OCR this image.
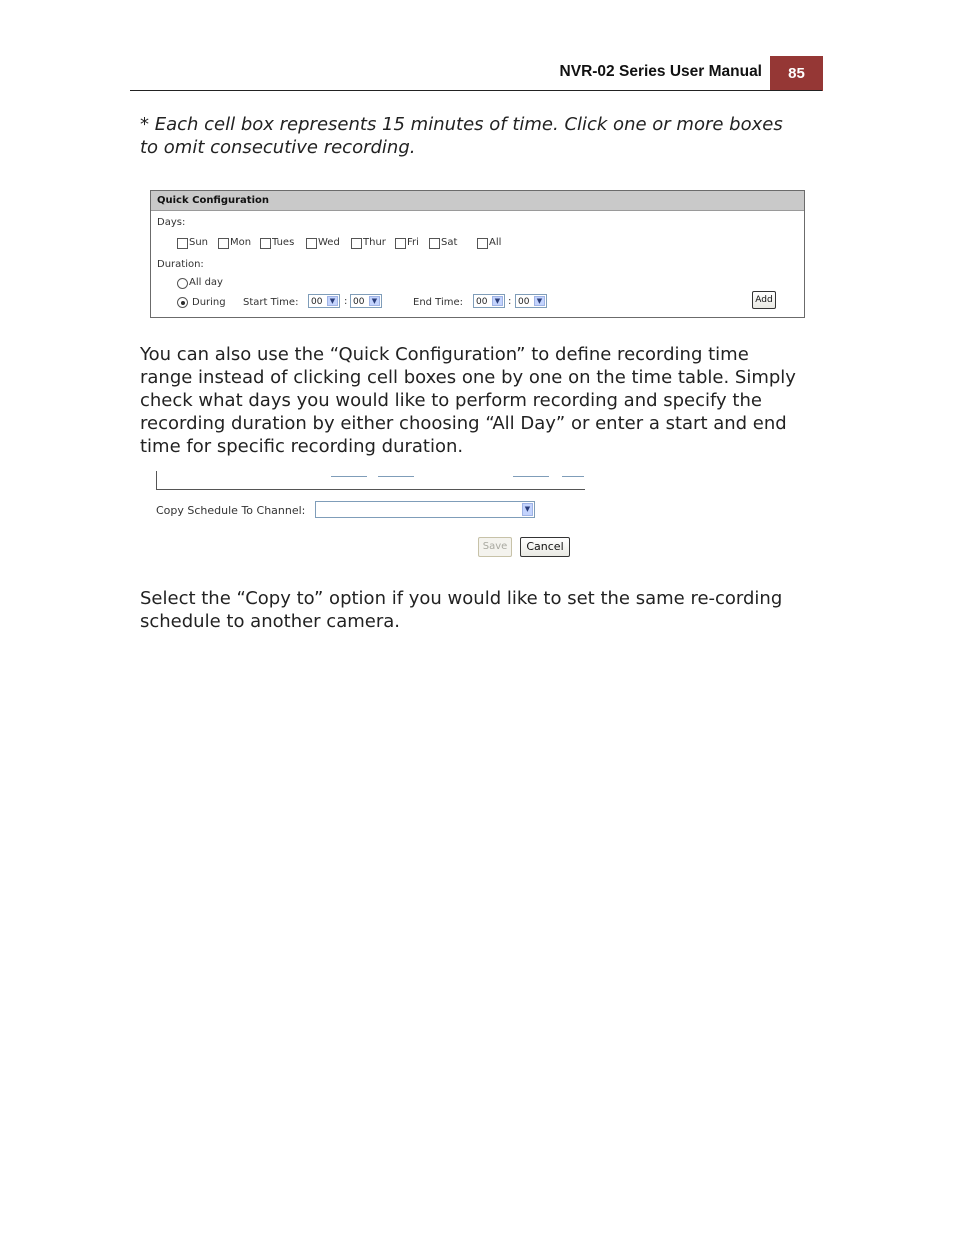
NVR-02 Series User Manual	85

* Each cell box represents 15 minutes of time. Click one or more boxes to omit consecutive recording.

Quick Configuration
Days:
Sun Mon Tues Wed Thur Fri Sat	All
Duration:
All day
During Start Time:	00	▼ : 00	▼	End Time:	00	▼ : 00	▼	Add

You can also use the “Quick Configuration” to define recording time range instead of clicking cell boxes one by one on the time table. Simply check what days you would like to perform recording and specify the recording duration by either choosing “All Day” or enter a start and end time for specific recording duration.

Copy Schedule To Channel:	▼
Save	Cancel

Select the “Copy to” option if you would like to set the same re-cording schedule to another camera.
